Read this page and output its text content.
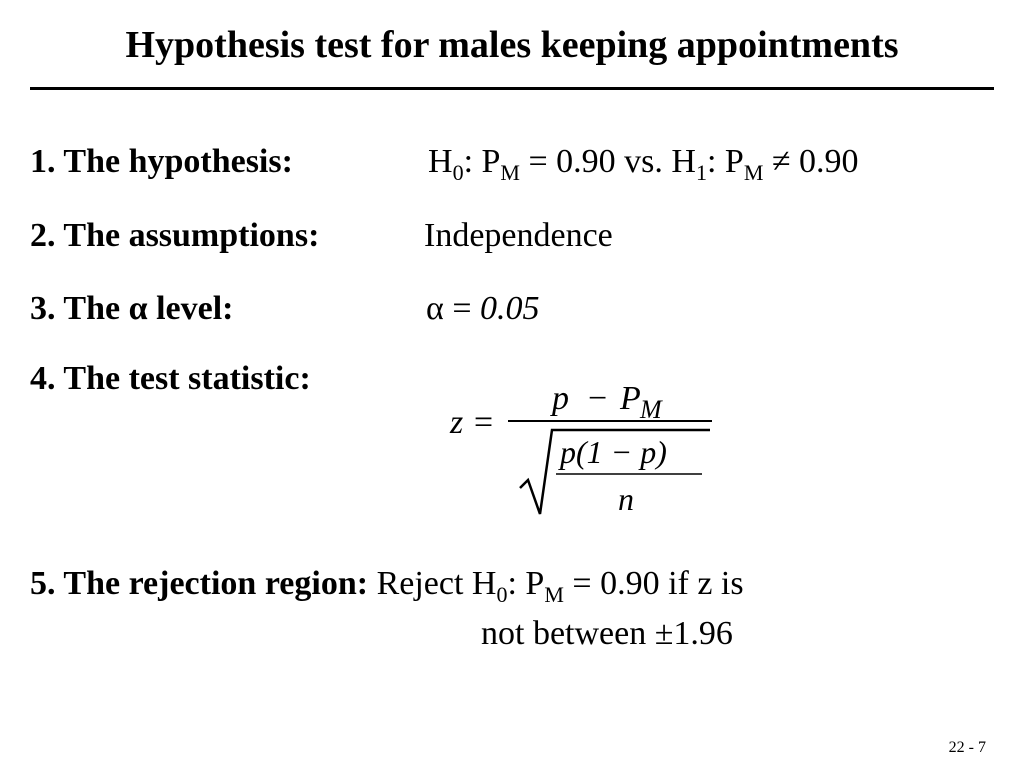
Hypothesis test for males keeping appointments
1. The hypothesis:	$H_0$: $P_M = 0.90$ vs. $H_1$: $P_M \ne 0.90$
2. The assumptions:	Independence
3. The α level:	α = 0.05
4. The test statistic:
z =
p − P M
p(1 − p)
n
5. The rejection region: Reject $H_0$: $P_M = 0.90$ if z is
not between ±1.96
22 - 7
